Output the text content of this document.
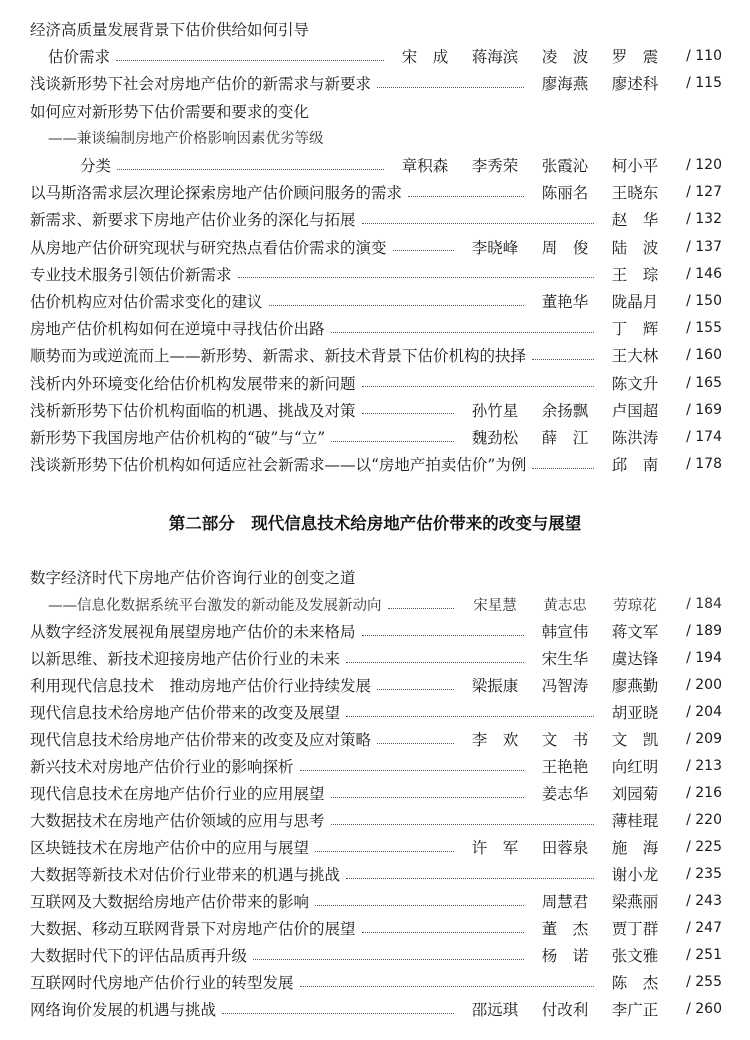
经济高质量发展背景下估价供给如何引导
估价需求	宋　成	蒋海滨	凌　波	罗　震	/ 110
浅谈新形势下社会对房地产估价的新需求与新要求	廖海燕	廖述科	/ 115
如何应对新形势下估价需要和要求的变化
——兼谈编制房地产价格影响因素优劣等级
分类	章积森	李秀荣	张霞沁	柯小平	/ 120
以马斯洛需求层次理论探索房地产估价顾问服务的需求	陈丽名	王晓东	/ 127
新需求、新要求下房地产估价业务的深化与拓展	赵　华	/ 132
从房地产估价研究现状与研究热点看估价需求的演变	李晓峰	周　俊	陆　波	/ 137
专业技术服务引领估价新需求	王　琮	/ 146
估价机构应对估价需求变化的建议	董艳华	陇晶月	/ 150
房地产估价机构如何在逆境中寻找估价出路	丁　辉	/ 155
顺势而为或逆流而上——新形势、新需求、新技术背景下估价机构的抉择	王大林	/ 160
浅析内外环境变化给估价机构发展带来的新问题	陈文升	/ 165
浅析新形势下估价机构面临的机遇、挑战及对策	孙竹星	余扬飘	卢国超	/ 169
新形势下我国房地产估价机构的“破”与“立”	魏劲松	薛　江	陈洪涛	/ 174
浅谈新形势下估价机构如何适应社会新需求——以“房地产拍卖估价”为例	邱　南	/ 178
第二部分　现代信息技术给房地产估价带来的改变与展望
数字经济时代下房地产估价咨询行业的创变之道
——信息化数据系统平台激发的新动能及发展新动向	宋星慧	黄志忠	劳琼花	/ 184
从数字经济发展视角展望房地产估价的未来格局	韩宣伟	蒋文军	/ 189
以新思维、新技术迎接房地产估价行业的未来	宋生华	虞达锋	/ 194
利用现代信息技术　推动房地产估价行业持续发展	梁振康	冯智涛	廖燕勤	/ 200
现代信息技术给房地产估价带来的改变及展望	胡亚晓	/ 204
现代信息技术给房地产估价带来的改变及应对策略	李　欢	文　书	文　凯	/ 209
新兴技术对房地产估价行业的影响探析	王艳艳	向红明	/ 213
现代信息技术在房地产估价行业的应用展望	姜志华	刘园菊	/ 216
大数据技术在房地产估价领域的应用与思考	薄桂琨	/ 220
区块链技术在房地产估价中的应用与展望	许　军	田蓉泉	施　海	/ 225
大数据等新技术对估价行业带来的机遇与挑战	谢小龙	/ 235
互联网及大数据给房地产估价带来的影响	周慧君	梁燕丽	/ 243
大数据、移动互联网背景下对房地产估价的展望	董　杰	贾丁群	/ 247
大数据时代下的评估品质再升级	杨　诺	张文雅	/ 251
互联网时代房地产估价行业的转型发展	陈　杰	/ 255
网络询价发展的机遇与挑战	邵远琪	付改利	李广正	/ 260
